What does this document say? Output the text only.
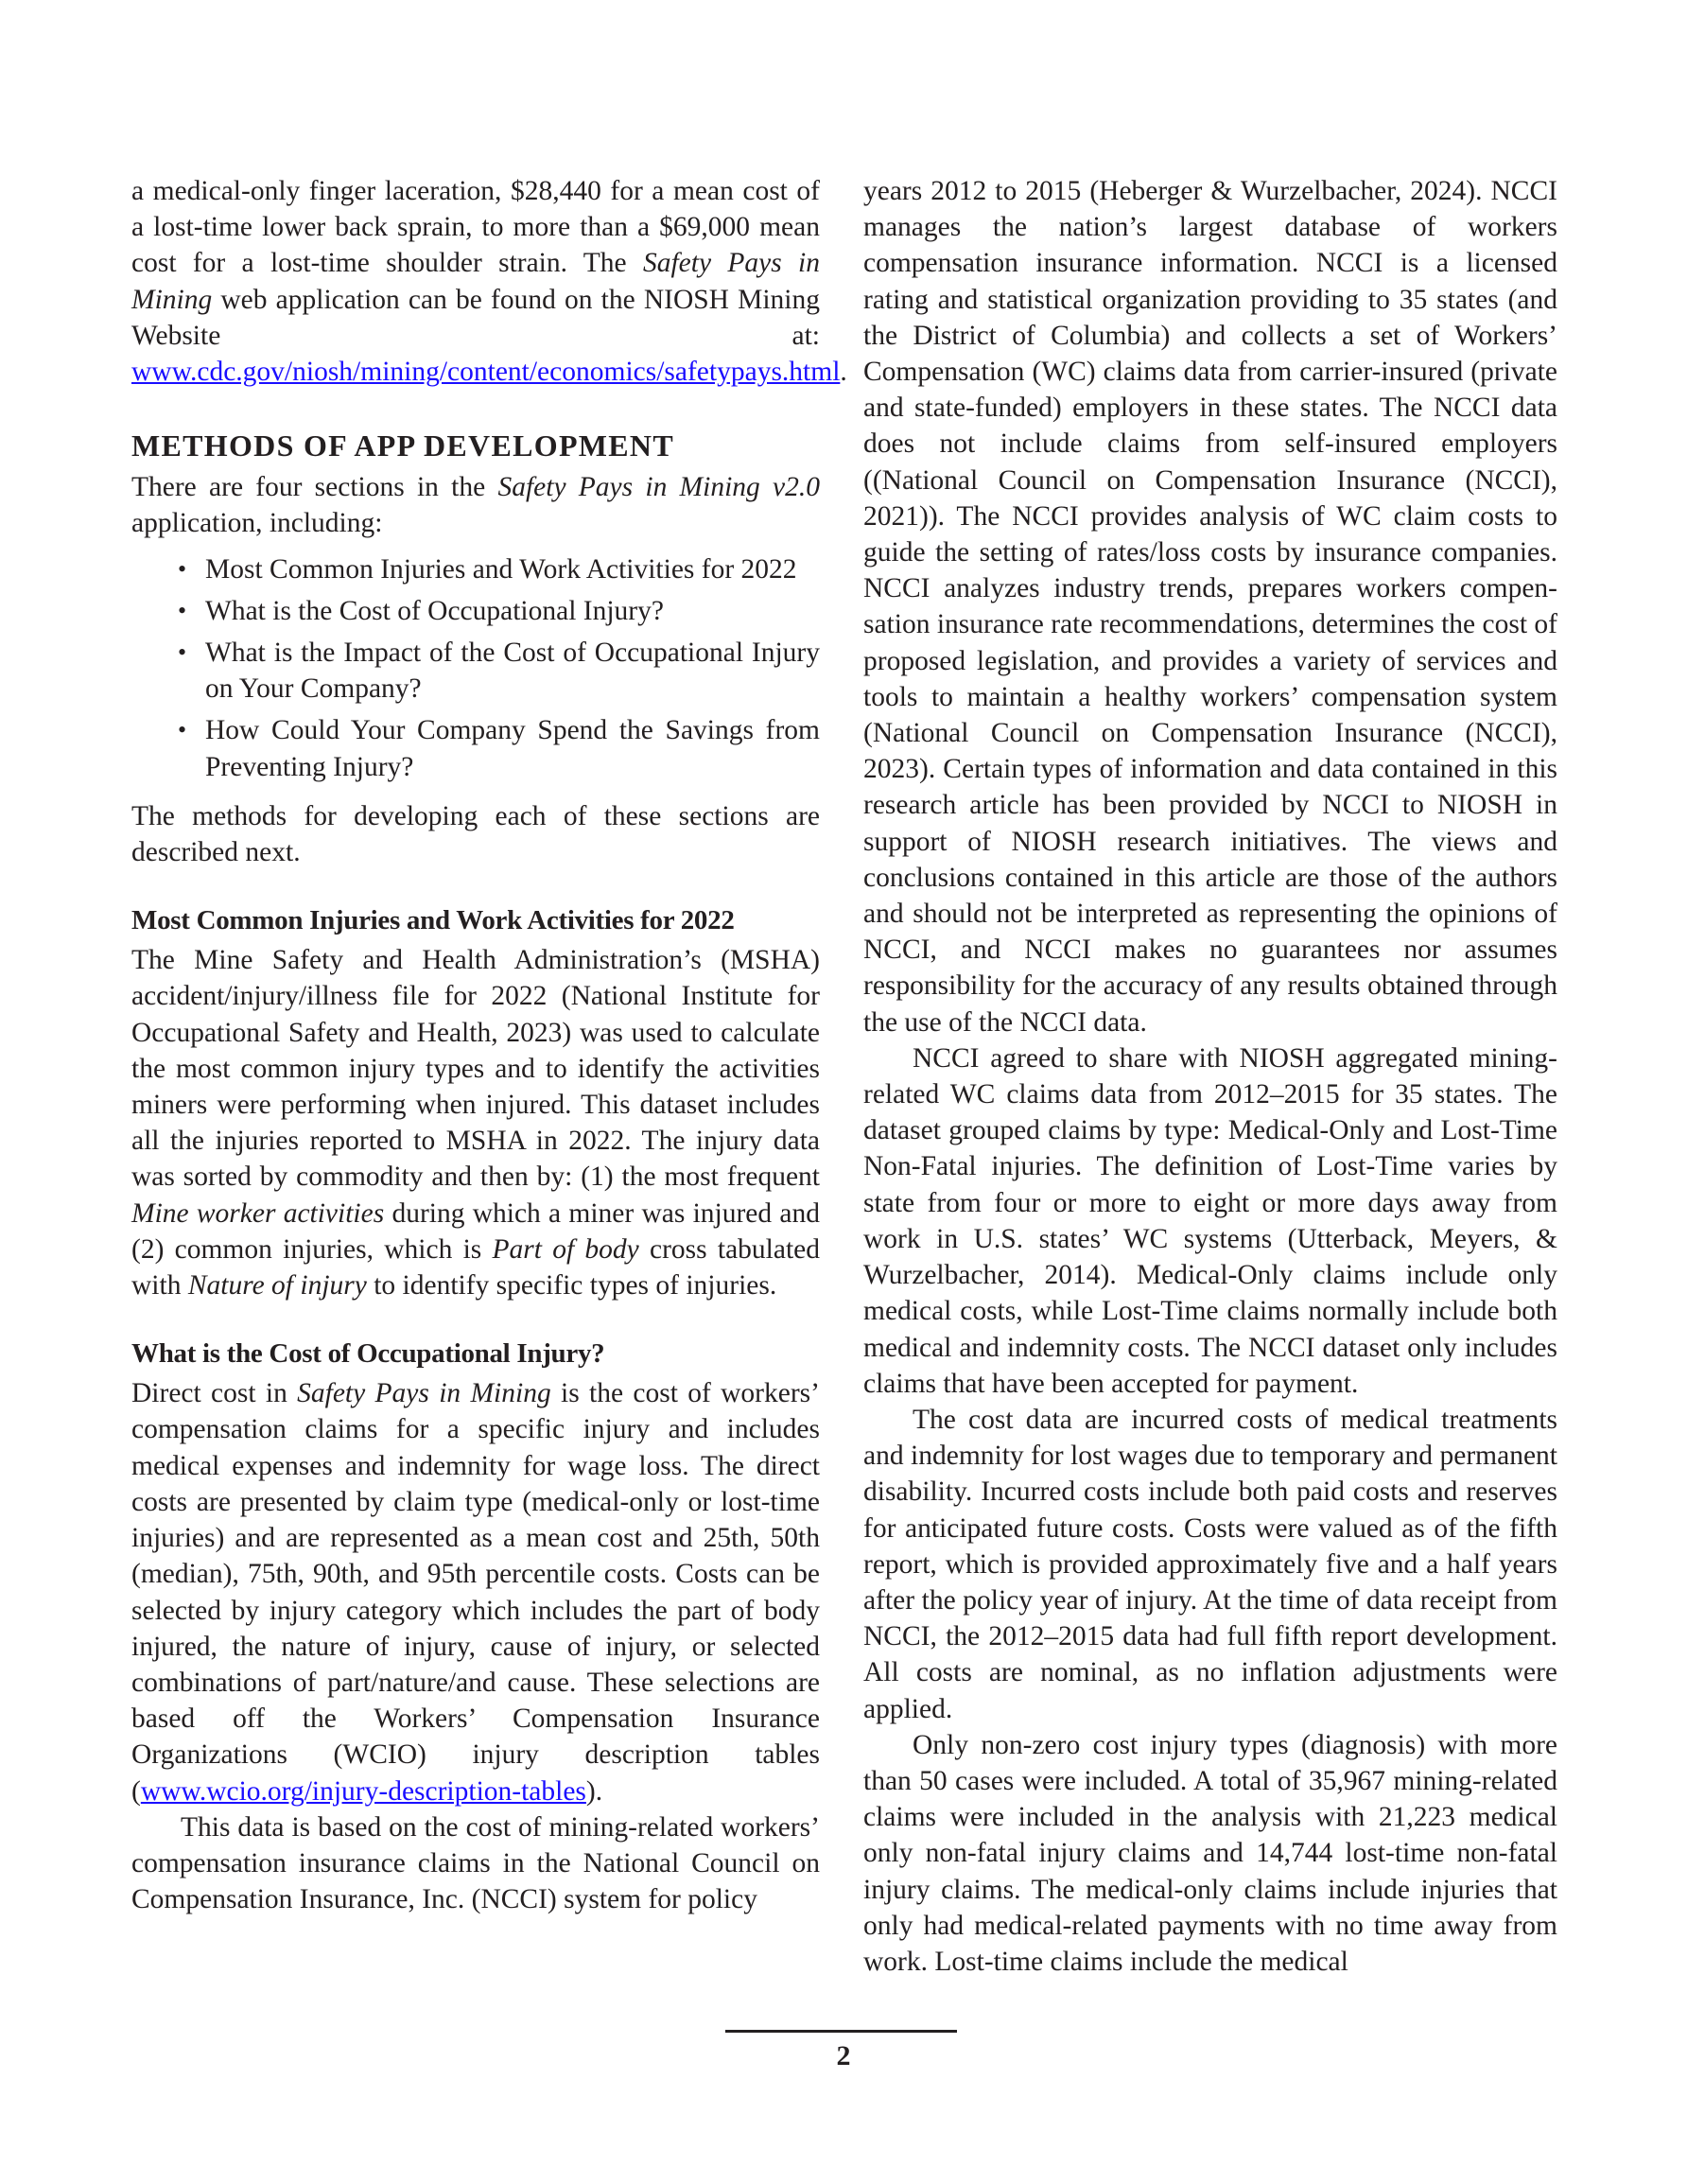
a medical-only finger laceration, $28,440 for a mean cost of a lost-time lower back sprain, to more than a $69,000 mean cost for a lost-time shoulder strain. The Safety Pays in Mining web application can be found on the NIOSH Mining Website at: www.cdc.gov/niosh/mining/content/economics/safetypays.html.

METHODS OF APP DEVELOPMENT

There are four sections in the Safety Pays in Mining v2.0 application, including:

• Most Common Injuries and Work Activities for 2022
• What is the Cost of Occupational Injury?
• What is the Impact of the Cost of Occupational Injury on Your Company?
• How Could Your Company Spend the Savings from Preventing Injury?

The methods for developing each of these sections are described next.

Most Common Injuries and Work Activities for 2022

The Mine Safety and Health Administration’s (MSHA) accident/injury/illness file for 2022 (National Institute for Occupational Safety and Health, 2023) was used to calculate the most common injury types and to identify the activities miners were performing when injured. This dataset includes all the injuries reported to MSHA in 2022. The injury data was sorted by commodity and then by: (1) the most frequent Mine worker activities during which a miner was injured and (2) common injuries, which is Part of body cross tabulated with Nature of injury to identify specific types of injuries.

What is the Cost of Occupational Injury?

Direct cost in Safety Pays in Mining is the cost of workers’ compensation claims for a specific injury and includes medical expenses and indemnity for wage loss. The direct costs are presented by claim type (medical-only or lost-time injuries) and are represented as a mean cost and 25th, 50th (median), 75th, 90th, and 95th percentile costs. Costs can be selected by injury category which includes the part of body injured, the nature of injury, cause of injury, or selected combinations of part/nature/and cause. These selections are based off the Workers’ Compensation Insurance Organizations (WCIO) injury description tables (www.wcio.org/injury-description-tables).

This data is based on the cost of mining-related workers’ compensation insurance claims in the National Council on Compensation Insurance, Inc. (NCCI) system for policy

years 2012 to 2015 (Heberger & Wurzelbacher, 2024). NCCI manages the nation’s largest database of workers compensation insurance information. NCCI is a licensed rating and statistical organization providing to 35 states (and the District of Columbia) and collects a set of Workers’ Compensation (WC) claims data from carrier-insured (private and state-funded) employers in these states. The NCCI data does not include claims from self-insured employers ((National Council on Compensation Insurance (NCCI), 2021)). The NCCI provides analysis of WC claim costs to guide the setting of rates/loss costs by insurance companies. NCCI analyzes industry trends, prepares workers compensation insurance rate recommendations, determines the cost of proposed legislation, and provides a variety of services and tools to maintain a healthy workers’ compensation system (National Council on Compensation Insurance (NCCI), 2023). Certain types of information and data contained in this research article has been provided by NCCI to NIOSH in support of NIOSH research initiatives. The views and conclusions contained in this article are those of the authors and should not be interpreted as representing the opinions of NCCI, and NCCI makes no guarantees nor assumes responsibility for the accuracy of any results obtained through the use of the NCCI data.

NCCI agreed to share with NIOSH aggregated mining-related WC claims data from 2012–2015 for 35 states. The dataset grouped claims by type: Medical-Only and Lost-Time Non-Fatal injuries. The definition of Lost-Time varies by state from four or more to eight or more days away from work in U.S. states’ WC systems (Utterback, Meyers, & Wurzelbacher, 2014). Medical-Only claims include only medical costs, while Lost-Time claims normally include both medical and indemnity costs. The NCCI dataset only includes claims that have been accepted for payment.

The cost data are incurred costs of medical treatments and indemnity for lost wages due to temporary and permanent disability. Incurred costs include both paid costs and reserves for anticipated future costs. Costs were valued as of the fifth report, which is provided approximately five and a half years after the policy year of injury. At the time of data receipt from NCCI, the 2012–2015 data had full fifth report development. All costs are nominal, as no inflation adjustments were applied.

Only non-zero cost injury types (diagnosis) with more than 50 cases were included. A total of 35,967 mining-related claims were included in the analysis with 21,223 medical only non-fatal injury claims and 14,744 lost-time non-fatal injury claims. The medical-only claims include injuries that only had medical-related payments with no time away from work. Lost-time claims include the medical

2
